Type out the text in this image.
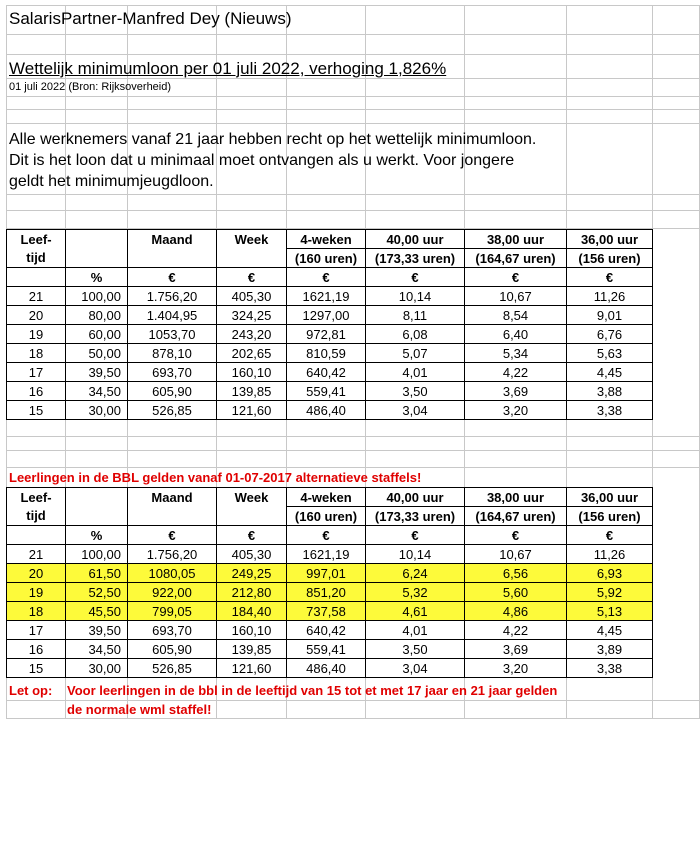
SalarisPartner-Manfred Dey (Nieuws)
Wettelijk minimumloon per 01 juli 2022, verhoging 1,826%
01 juli 2022 (Bron: Rijksoverheid)
Alle werknemers vanaf 21 jaar hebben recht op het wettelijk minimumloon.
Dit is het loon dat u minimaal moet ontvangen als u werkt. Voor jongere
geldt het minimumjeugdloon.
Leef-		Maand	Week	4-weken	40,00 uur	38,00 uur	36,00 uur
tijd				(160 uren)	(173,33 uren)	(164,67 uren)	(156 uren)
	%	€	€	€	€	€	€
21	100,00	1.756,20	405,30	1621,19	10,14	10,67	11,26
20	80,00	1.404,95	324,25	1297,00	8,11	8,54	9,01
19	60,00	1053,70	243,20	972,81	6,08	6,40	6,76
18	50,00	878,10	202,65	810,59	5,07	5,34	5,63
17	39,50	693,70	160,10	640,42	4,01	4,22	4,45
16	34,50	605,90	139,85	559,41	3,50	3,69	3,88
15	30,00	526,85	121,60	486,40	3,04	3,20	3,38
Leerlingen in de BBL gelden vanaf 01-07-2017 alternatieve staffels!
Leef-		Maand	Week	4-weken	40,00 uur	38,00 uur	36,00 uur
tijd				(160 uren)	(173,33 uren)	(164,67 uren)	(156 uren)
	%	€	€	€	€	€	€
21	100,00	1.756,20	405,30	1621,19	10,14	10,67	11,26
20	61,50	1080,05	249,25	997,01	6,24	6,56	6,93
19	52,50	922,00	212,80	851,20	5,32	5,60	5,92
18	45,50	799,05	184,40	737,58	4,61	4,86	5,13
17	39,50	693,70	160,10	640,42	4,01	4,22	4,45
16	34,50	605,90	139,85	559,41	3,50	3,69	3,89
15	30,00	526,85	121,60	486,40	3,04	3,20	3,38
Let op: Voor leerlingen in de bbl in de leeftijd van 15 tot et met 17 jaar en 21 jaar gelden
de normale wml staffel!
